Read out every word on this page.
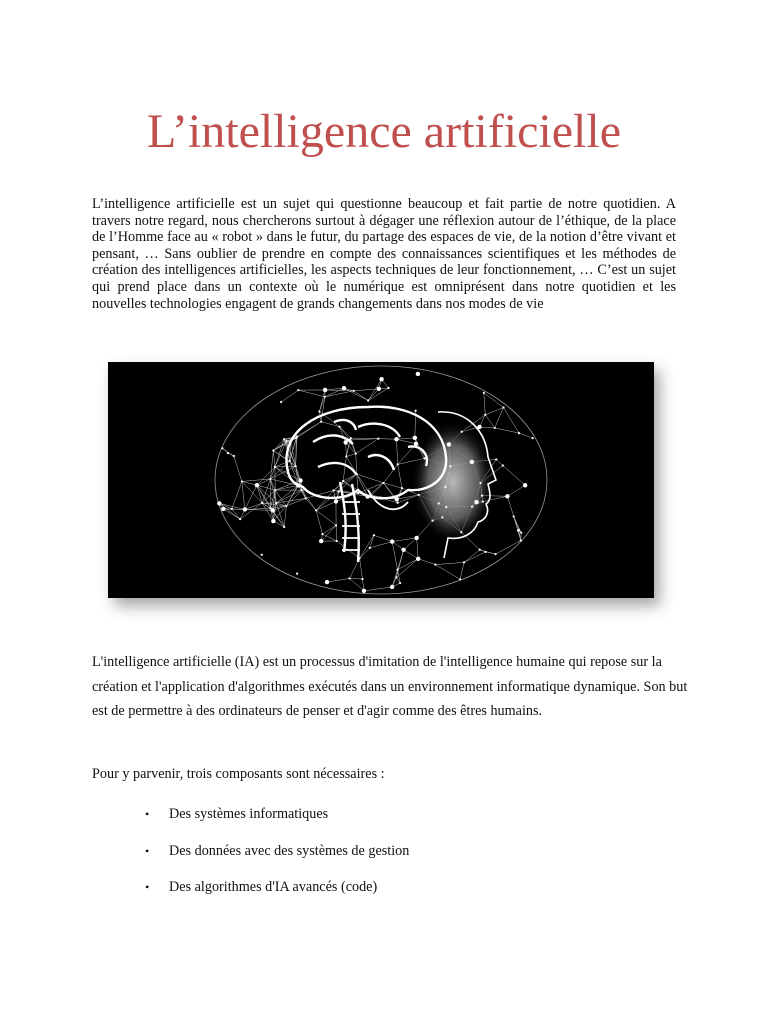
L’intelligence artificielle

L’intelligence artificielle est un sujet qui questionne beaucoup et fait partie de notre quotidien. A travers notre regard, nous chercherons surtout à dégager une réflexion autour de l’éthique, de la place de l’Homme face au « robot » dans le futur, du partage des espaces de vie, de la notion d’être vivant et pensant, … Sans oublier de prendre en compte des connaissances scientifiques et les méthodes de création des intelligences artificielles, les aspects techniques de leur fonctionnement, … C’est un sujet qui prend place dans un contexte où le numérique est omniprésent dans notre quotidien et les nouvelles technologies engagent de grands changements dans nos modes de vie

L'intelligence artificielle (IA) est un processus d'imitation de l'intelligence humaine qui repose sur la création et l'application d'algorithmes exécutés dans un environnement informatique dynamique. Son but est de permettre à des ordinateurs de penser et d'agir comme des êtres humains.

Pour y parvenir, trois composants sont nécessaires :

• Des systèmes informatiques
• Des données avec des systèmes de gestion
• Des algorithmes d'IA avancés (code)
